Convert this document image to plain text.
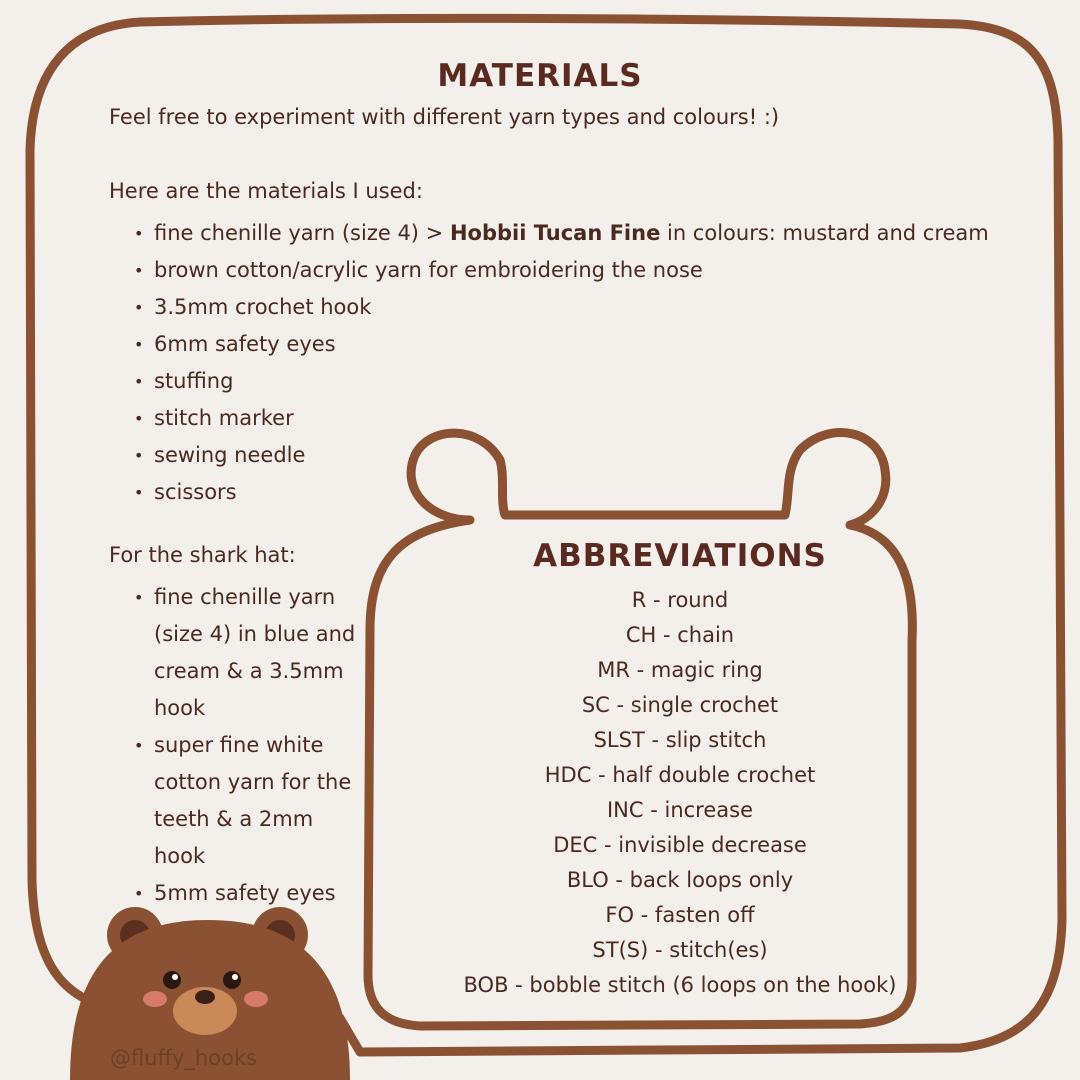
MATERIALS

Feel free to experiment with different yarn types and colours! :)

Here are the materials I used:

• fine chenille yarn (size 4) > Hobbii Tucan Fine in colours: mustard and cream
• brown cotton/acrylic yarn for embroidering the nose
• 3.5mm crochet hook
• 6mm safety eyes
• stuffing
• stitch marker
• sewing needle
• scissors

For the shark hat:

• fine chenille yarn (size 4) in blue and cream & a 3.5mm hook
• super fine white cotton yarn for the teeth & a 2mm hook
• 5mm safety eyes
ABBREVIATIONS
R - round
CH - chain
MR - magic ring
SC - single crochet
SLST - slip stitch
HDC - half double crochet
INC - increase
DEC - invisible decrease
BLO - back loops only
FO - fasten off
ST(S) - stitch(es)
BOB - bobble stitch (6 loops on the hook)

@fluffy_hooks
